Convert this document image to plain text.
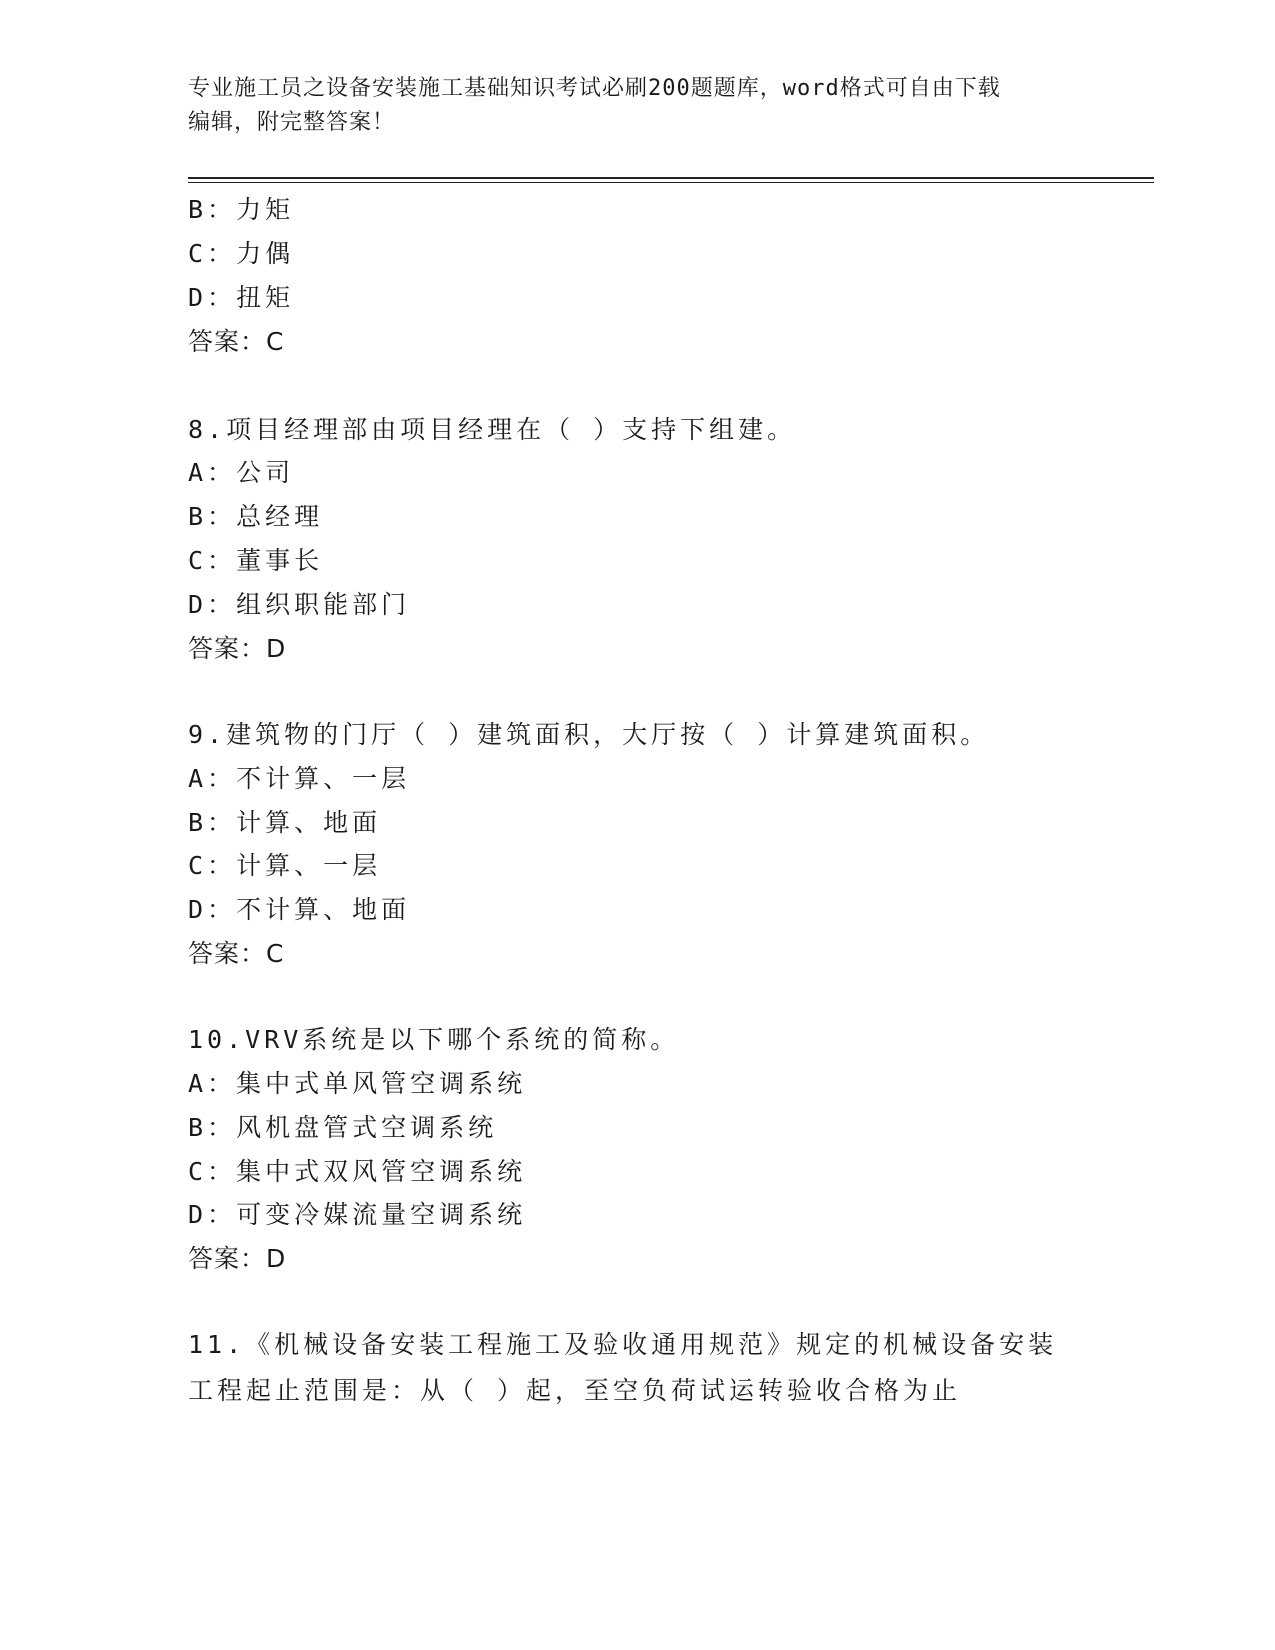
专业施工员之设备安装施工基础知识考试必刷200题题库，word格式可自由下载
编辑，附完整答案！
B：力矩
C：力偶
D：扭矩
答案：C
8.项目经理部由项目经理在（ ）支持下组建。
A：公司
B：总经理
C：董事长
D：组织职能部门
答案：D
9.建筑物的门厅（ ）建筑面积，大厅按（ ）计算建筑面积。
A：不计算、一层
B：计算、地面
C：计算、一层
D：不计算、地面
答案：C
10.VRV系统是以下哪个系统的简称。
A：集中式单风管空调系统
B：风机盘管式空调系统
C：集中式双风管空调系统
D：可变冷媒流量空调系统
答案：D
11.《机械设备安装工程施工及验收通用规范》规定的机械设备安装工程起止范围是：从（ ）起，至空负荷试运转验收合格为止
